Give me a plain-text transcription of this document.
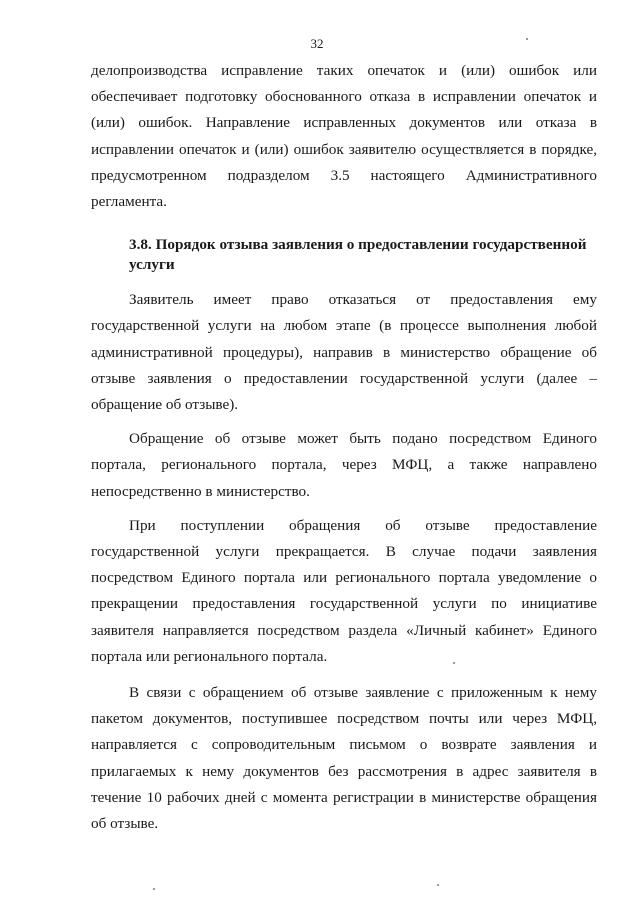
32

делопроизводства исправление таких опечаток и (или) ошибок или обеспечивает подготовку обоснованного отказа в исправлении опечаток и (или) ошибок. Направление исправленных документов или отказа в исправлении опечаток и (или) ошибок заявителю осуществляется в порядке, предусмотренном подразделом 3.5 настоящего Административного регламента.

3.8. Порядок отзыва заявления о предоставлении государственной услуги

Заявитель имеет право отказаться от предоставления ему государственной услуги на любом этапе (в процессе выполнения любой административной процедуры), направив в министерство обращение об отзыве заявления о предоставлении государственной услуги (далее – обращение об отзыве).

Обращение об отзыве может быть подано посредством Единого портала, регионального портала, через МФЦ, а также направлено непосредственно в министерство.

При поступлении обращения об отзыве предоставление государственной услуги прекращается. В случае подачи заявления посредством Единого портала или регионального портала уведомление о прекращении предоставления государственной услуги по инициативе заявителя направляется посредством раздела «Личный кабинет» Единого портала или регионального портала.

В связи с обращением об отзыве заявление с приложенным к нему пакетом документов, поступившее посредством почты или через МФЦ, направляется с сопроводительным письмом о возврате заявления и прилагаемых к нему документов без рассмотрения в адрес заявителя в течение 10 рабочих дней с момента регистрации в министерстве обращения об отзыве.
